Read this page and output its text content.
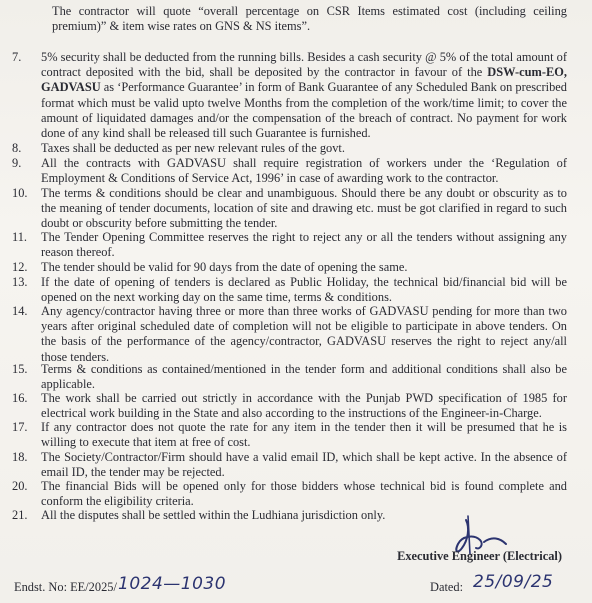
The contractor will quote “overall percentage on CSR Items estimated cost (including ceiling premium)” & item wise rates on GNS & NS items”.
7.	5% security shall be deducted from the running bills. Besides a cash security @ 5% of the total amount of contract deposited with the bid, shall be deposited by the contractor in favour of the DSW-cum-EO, GADVASU as ‘Performance Guarantee’ in form of Bank Guarantee of any Scheduled Bank on prescribed format which must be valid upto twelve Months from the completion of the work/time limit; to cover the amount of liquidated damages and/or the compensation of the breach of contract. No payment for work done of any kind shall be released till such Guarantee is furnished.
8.	Taxes shall be deducted as per new relevant rules of the govt.
9.	All the contracts with GADVASU shall require registration of workers under the ‘Regulation of Employment & Conditions of Service Act, 1996’ in case of awarding work to the contractor.
10.	The terms & conditions should be clear and unambiguous. Should there be any doubt or obscurity as to the meaning of tender documents, location of site and drawing etc. must be got clarified in regard to such doubt or obscurity before submitting the tender.
11.	The Tender Opening Committee reserves the right to reject any or all the tenders without assigning any reason thereof.
12.	The tender should be valid for 90 days from the date of opening the same.
13.	If the date of opening of tenders is declared as Public Holiday, the technical bid/financial bid will be opened on the next working day on the same time, terms & conditions.
14.	Any agency/contractor having three or more than three works of GADVASU pending for more than two years after original scheduled date of completion will not be eligible to participate in above tenders. On the basis of the performance of the agency/contractor, GADVASU reserves the right to reject any/all those tenders.
15.	Terms & conditions as contained/mentioned in the tender form and additional conditions shall also be applicable.
16.	The work shall be carried out strictly in accordance with the Punjab PWD specification of 1985 for electrical work building in the State and also according to the instructions of the Engineer-in-Charge.
17.	If any contractor does not quote the rate for any item in the tender then it will be presumed that he is willing to execute that item at free of cost.
18.	The Society/Contractor/Firm should have a valid email ID, which shall be kept active. In the absence of email ID, the tender may be rejected.
20.	The financial Bids will be opened only for those bidders whose technical bid is found complete and conform the eligibility criteria.
21.	All the disputes shall be settled within the Ludhiana jurisdiction only.
Executive Engineer (Electrical)
Endst. No: EE/2025/ 1024—1030	Dated: 25/09/25
